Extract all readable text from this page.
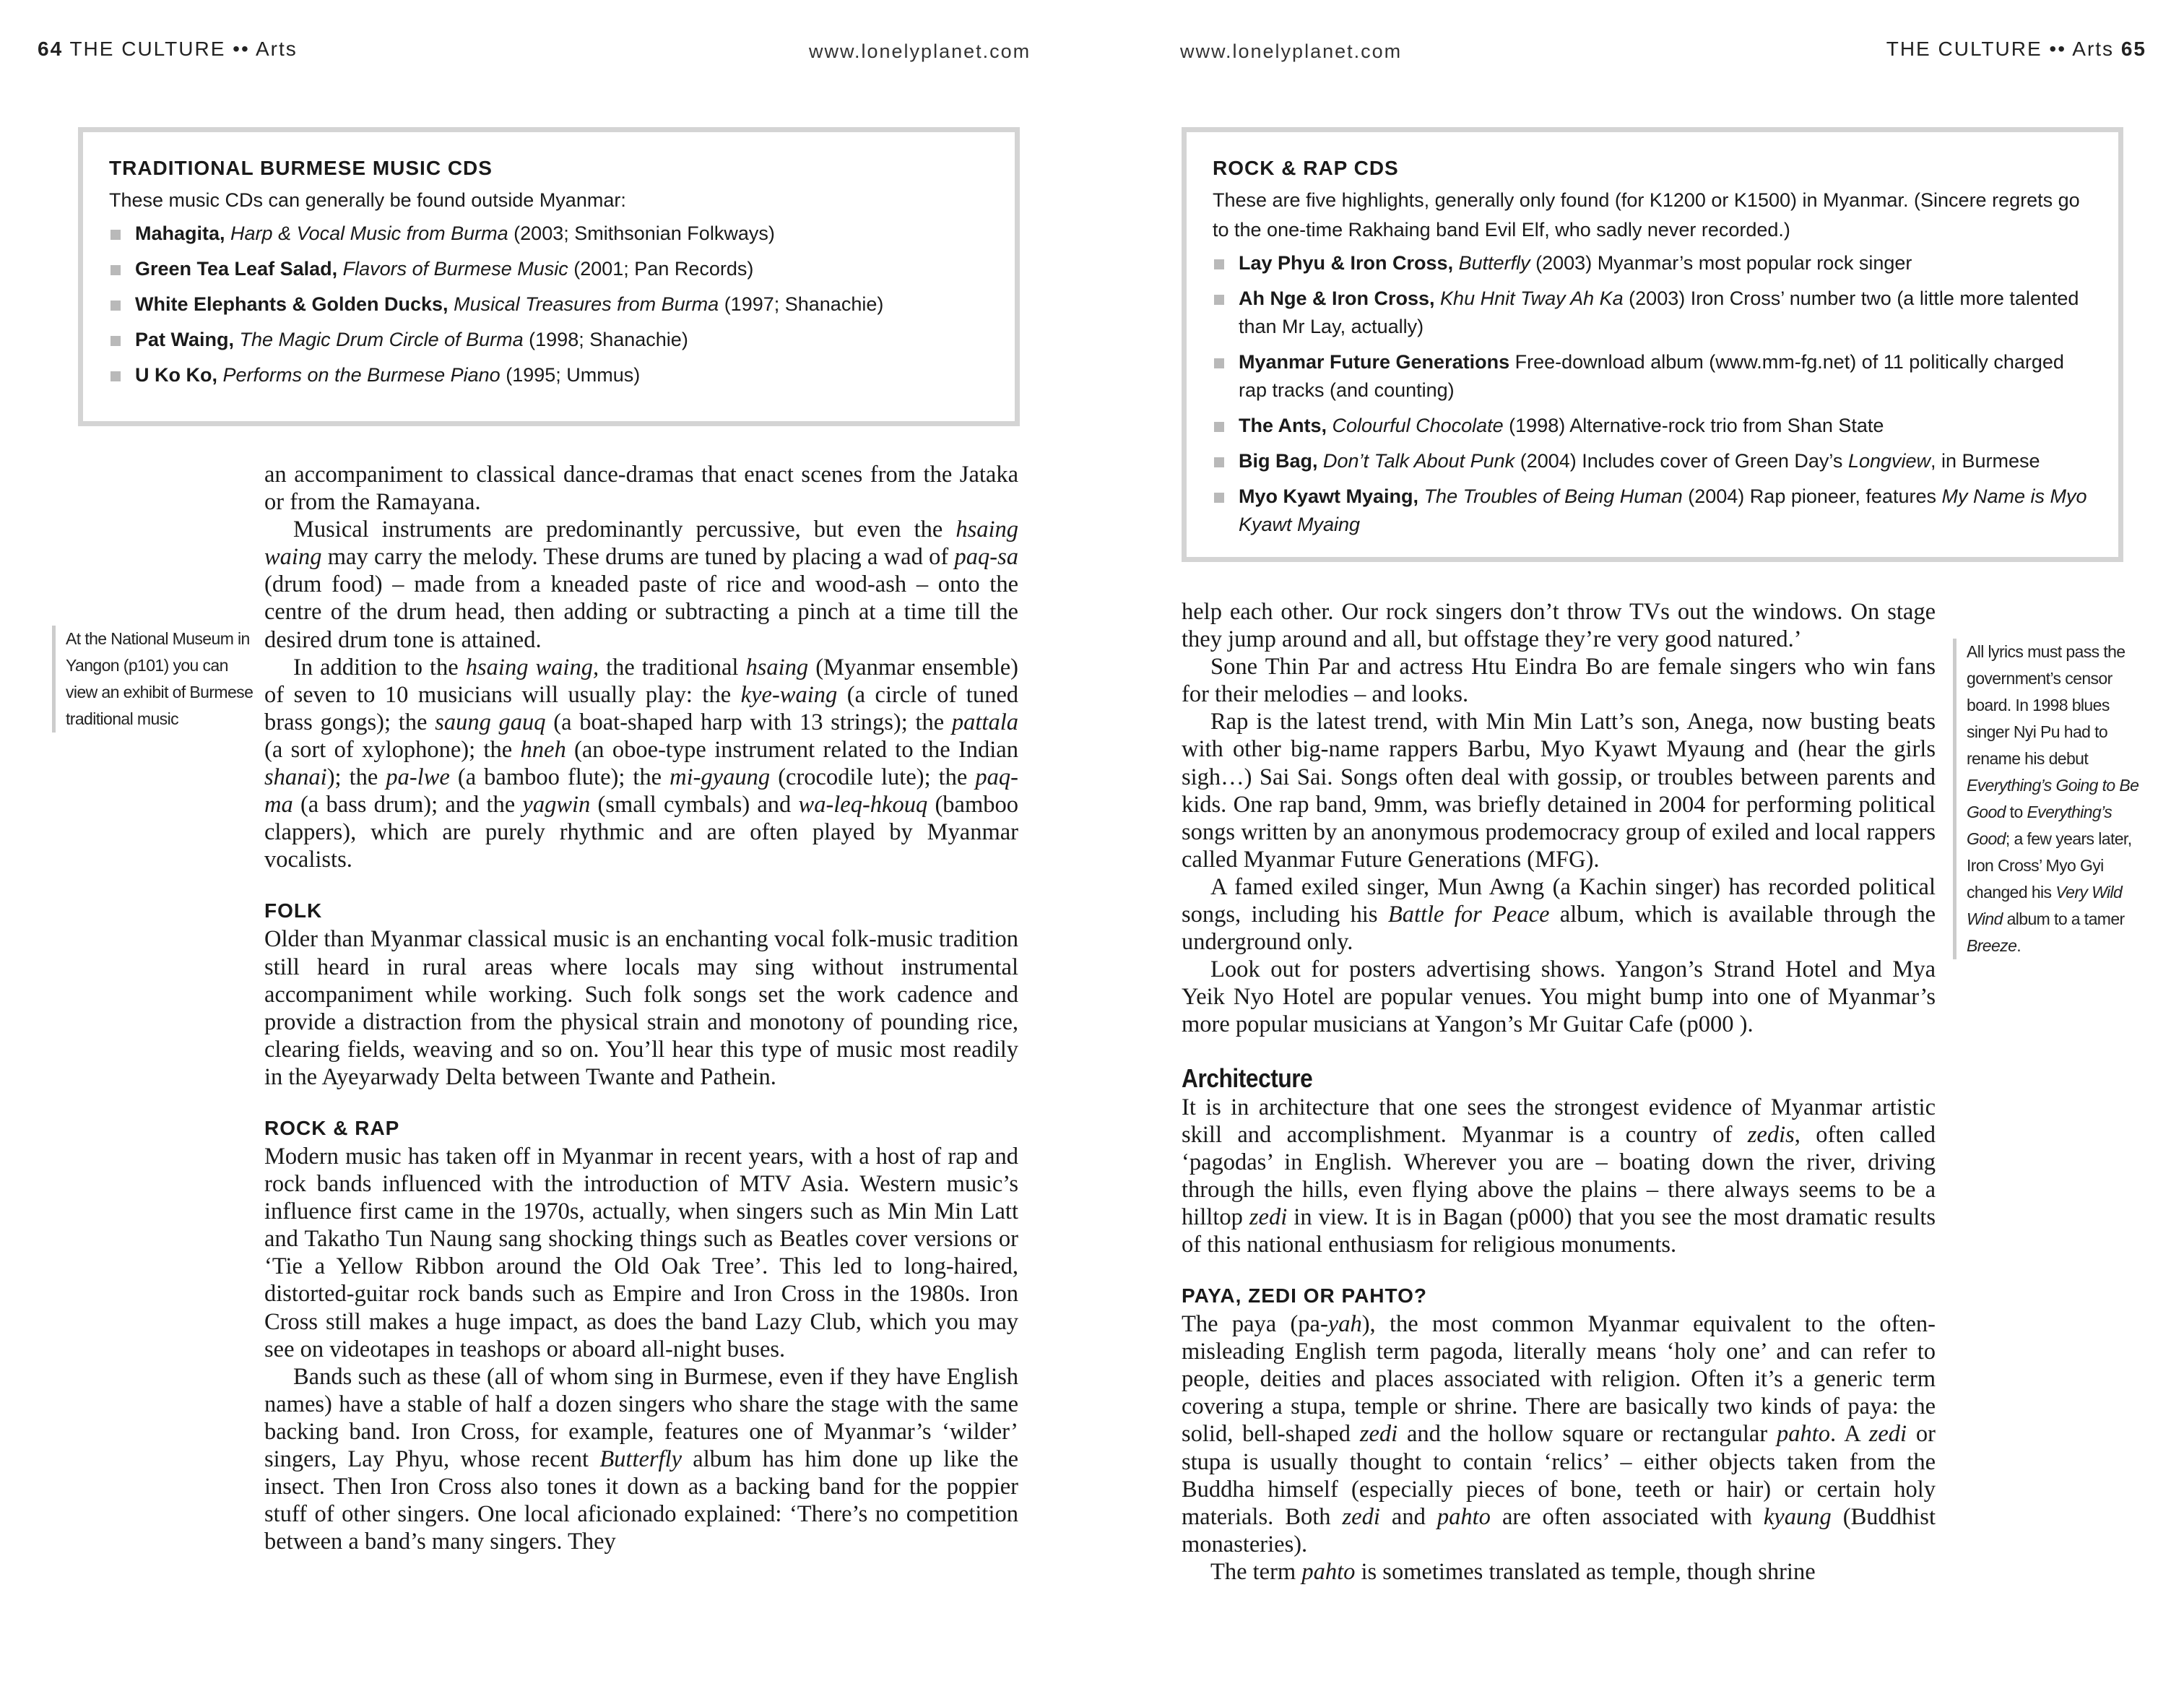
64 THE CULTURE •• Arts	www.lonelyplanet.com
TRADITIONAL BURMESE MUSIC CDS

These music CDs can generally be found outside Myanmar:

Mahagita, Harp & Vocal Music from Burma (2003; Smithsonian Folkways)
Green Tea Leaf Salad, Flavors of Burmese Music (2001; Pan Records)
White Elephants & Golden Ducks, Musical Treasures from Burma (1997; Shanachie)
Pat Waing, The Magic Drum Circle of Burma (1998; Shanachie)
U Ko Ko, Performs on the Burmese Piano (1995; Ummus)
At the National Museum in Yangon (p101) you can view an exhibit of Burmese traditional music

an accompaniment to classical dance-dramas that enact scenes from the Jataka or from the Ramayana.

Musical instruments are predominantly percussive, but even the hsaing waing may carry the melody. These drums are tuned by placing a wad of paq-sa (drum food) – made from a kneaded paste of rice and wood-ash – onto the centre of the drum head, then adding or subtracting a pinch at a time till the desired drum tone is attained.

In addition to the hsaing waing, the traditional hsaing (Myanmar ensemble) of seven to 10 musicians will usually play: the kye-waing (a circle of tuned brass gongs); the saung gauq (a boat-shaped harp with 13 strings); the pattala (a sort of xylophone); the hneh (an oboe-type instrument related to the Indian shanai); the pa-lwe (a bamboo flute); the mi-gyaung (crocodile lute); the paq-ma (a bass drum); and the yagwin (small cymbals) and wa-leq-hkouq (bamboo clappers), which are purely rhythmic and are often played by Myanmar vocalists.

FOLK

Older than Myanmar classical music is an enchanting vocal folk-music tradition still heard in rural areas where locals may sing without instrumental accompaniment while working. Such folk songs set the work cadence and provide a distraction from the physical strain and monotony of pounding rice, clearing fields, weaving and so on. You’ll hear this type of music most readily in the Ayeyarwady Delta between Twante and Pathein.

ROCK & RAP

Modern music has taken off in Myanmar in recent years, with a host of rap and rock bands influenced with the introduction of MTV Asia. Western music’s influence first came in the 1970s, actually, when singers such as Min Min Latt and Takatho Tun Naung sang shocking things such as Beatles cover versions or ‘Tie a Yellow Ribbon around the Old Oak Tree’. This led to long-haired, distorted-guitar rock bands such as Empire and Iron Cross in the 1980s. Iron Cross still makes a huge impact, as does the band Lazy Club, which you may see on videotapes in teashops or aboard all-night buses.

Bands such as these (all of whom sing in Burmese, even if they have English names) have a stable of half a dozen singers who share the stage with the same backing band. Iron Cross, for example, features one of Myanmar’s ‘wilder’ singers, Lay Phyu, whose recent Butterfly album has him done up like the insect. Then Iron Cross also tones it down as a backing band for the poppier stuff of other singers. One local aficionado explained: ‘There’s no competition between a band’s many singers. They

www.lonelyplanet.com	THE CULTURE •• Arts 65
ROCK & RAP CDS

These are five highlights, generally only found (for K1200 or K1500) in Myanmar. (Sincere regrets go to the one-time Rakhaing band Evil Elf, who sadly never recorded.)

Lay Phyu & Iron Cross, Butterfly (2003) Myanmar’s most popular rock singer
Ah Nge & Iron Cross, Khu Hnit Tway Ah Ka (2003) Iron Cross’ number two (a little more talented than Mr Lay, actually)
Myanmar Future Generations Free-download album (www.mm-fg.net) of 11 politically charged rap tracks (and counting)
The Ants, Colourful Chocolate (1998) Alternative-rock trio from Shan State
Big Bag, Don’t Talk About Punk (2004) Includes cover of Green Day’s Longview, in Burmese
Myo Kyawt Myaing, The Troubles of Being Human (2004) Rap pioneer, features My Name is Myo Kyawt Myaing
All lyrics must pass the government’s censor board. In 1998 blues singer Nyi Pu had to rename his debut Everything’s Going to Be Good to Everything’s Good; a few years later, Iron Cross’ Myo Gyi changed his Very Wild Wind album to a tamer Breeze.

help each other. Our rock singers don’t throw TVs out the windows. On stage they jump around and all, but offstage they’re very good natured.’

Sone Thin Par and actress Htu Eindra Bo are female singers who win fans for their melodies – and looks.

Rap is the latest trend, with Min Min Latt’s son, Anega, now busting beats with other big-name rappers Barbu, Myo Kyawt Myaung and (hear the girls sigh…) Sai Sai. Songs often deal with gossip, or troubles between parents and kids. One rap band, 9mm, was briefly detained in 2004 for performing political songs written by an anonymous prodemocracy group of exiled and local rappers called Myanmar Future Generations (MFG).

A famed exiled singer, Mun Awng (a Kachin singer) has recorded political songs, including his Battle for Peace album, which is available through the underground only.

Look out for posters advertising shows. Yangon’s Strand Hotel and Mya Yeik Nyo Hotel are popular venues. You might bump into one of Myanmar’s more popular musicians at Yangon’s Mr Guitar Cafe (p000 ).

Architecture

It is in architecture that one sees the strongest evidence of Myanmar artistic skill and accomplishment. Myanmar is a country of zedis, often called ‘pagodas’ in English. Wherever you are – boating down the river, driving through the hills, even flying above the plains – there always seems to be a hilltop zedi in view. It is in Bagan (p000) that you see the most dramatic results of this national enthusiasm for religious monuments.

PAYA, ZEDI OR PAHTO?

The paya (pa-yah), the most common Myanmar equivalent to the often-misleading English term pagoda, literally means ‘holy one’ and can refer to people, deities and places associated with religion. Often it’s a generic term covering a stupa, temple or shrine. There are basically two kinds of paya: the solid, bell-shaped zedi and the hollow square or rectangular pahto. A zedi or stupa is usually thought to contain ‘relics’ – either objects taken from the Buddha himself (especially pieces of bone, teeth or hair) or certain holy materials. Both zedi and pahto are often associated with kyaung (Buddhist monasteries).

The term pahto is sometimes translated as temple, though shrine
